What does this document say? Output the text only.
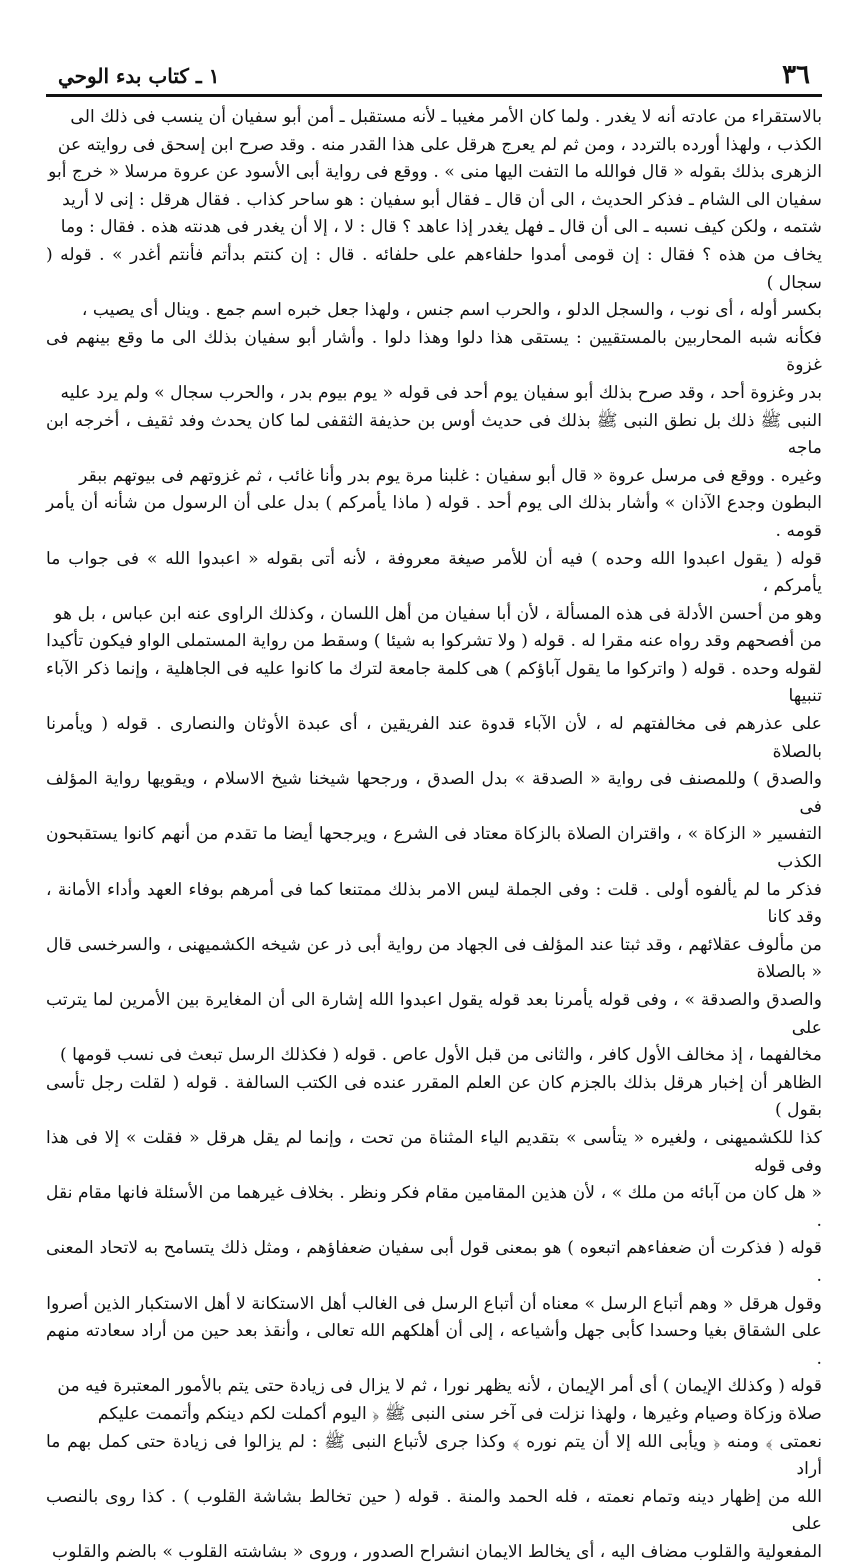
٣٦
١ ـ كتاب بدء الوحي

بالاستقراء من عادته أنه لا يغدر . ولما كان الأمر مغيبا ـ لأنه مستقبل ـ أمن أبو سفيان أن ينسب فى ذلك الى

الكذب ، ولهذا أورده بالتردد ، ومن ثم لم يعرج هرقل على هذا القدر منه . وقد صرح ابن إسحق فى روايته عن

الزهرى بذلك بقوله « قال فوالله ما التفت اليها منى » . ووقع فى رواية أبى الأسود عن عروة مرسلا « خرج أبو

سفيان الى الشام ـ فذكر الحديث ، الى أن قال ـ فقال أبو سفيان : هو ساحر كذاب . فقال هرقل : إنى لا أريد

شتمه ، ولكن كيف نسبه ـ الى أن قال ـ فهل يغدر إذا عاهد ؟ قال : لا ، إلا أن يغدر فى هدنته هذه . فقال : وما

يخاف من هذه ؟ فقال : إن قومى أمدوا حلفاءهم على حلفائه . قال : إن كنتم بدأتم فأنتم أغدر » . قوله ( سجال )

بكسر أوله ، أى نوب ، والسجل الدلو ، والحرب اسم جنس ، ولهذا جعل خبره اسم جمع . وينال أى يصيب ،

فكأنه شبه المحاربين بالمستقيين : يستقى هذا دلوا وهذا دلوا . وأشار أبو سفيان بذلك الى ما وقع بينهم فى غزوة

بدر وغزوة أحد ، وقد صرح بذلك أبو سفيان يوم أحد فى قوله « يوم بيوم بدر ، والحرب سجال » ولم يرد عليه

النبى ﷺ ذلك بل نطق النبى ﷺ بذلك فى حديث أوس بن حذيفة الثقفى لما كان يحدث وفد ثقيف ، أخرجه ابن ماجه

وغيره . ووقع فى مرسل عروة « قال أبو سفيان : غلبنا مرة يوم بدر وأنا غائب ، ثم غزوتهم فى بيوتهم ببقر

البطون وجدع الآذان » وأشار بذلك الى يوم أحد . قوله ( ماذا يأمركم ) بدل على أن الرسول من شأنه أن يأمر قومه .

قوله ( يقول اعبدوا الله وحده ) فيه أن للأمر صيغة معروفة ، لأنه أتى بقوله « اعبدوا الله » فى جواب ما يأمركم ،

وهو من أحسن الأدلة فى هذه المسألة ، لأن أبا سفيان من أهل اللسان ، وكذلك الراوى عنه ابن عباس ، بل هو

من أفصحهم وقد رواه عنه مقرا له . قوله ( ولا تشركوا به شيئا ) وسقط من رواية المستملى الواو فيكون تأكيدا

لقوله وحده . قوله ( واتركوا ما يقول آباؤكم ) هى كلمة جامعة لترك ما كانوا عليه فى الجاهلية ، وإنما ذكر الآباء تنبيها

على عذرهم فى مخالفتهم له ، لأن الآباء قدوة عند الفريقين ، أى عبدة الأوثان والنصارى . قوله ( ويأمرنا بالصلاة

والصدق ) وللمصنف فى رواية « الصدقة » بدل الصدق ، ورجحها شيخنا شيخ الاسلام ، ويقويها رواية المؤلف فى

التفسير « الزكاة » ، واقتران الصلاة بالزكاة معتاد فى الشرع ، ويرجحها أيضا ما تقدم من أنهم كانوا يستقبحون الكذب

فذكر ما لم يألفوه أولى . قلت : وفى الجملة ليس الامر بذلك ممتنعا كما فى أمرهم بوفاء العهد وأداء الأمانة ، وقد كانا

من مألوف عقلائهم ، وقد ثبتا عند المؤلف فى الجهاد من رواية أبى ذر عن شيخه الكشميهنى ، والسرخسى قال « بالصلاة

والصدق والصدقة » ، وفى قوله يأمرنا بعد قوله يقول اعبدوا الله إشارة الى أن المغايرة بين الأمرين لما يترتب على

مخالفهما ، إذ مخالف الأول كافر ، والثانى من قبل الأول عاص . قوله ( فكذلك الرسل تبعث فى نسب قومها )

الظاهر أن إخبار هرقل بذلك بالجزم كان عن العلم المقرر عنده فى الكتب السالفة . قوله ( لقلت رجل تأسى بقول )

كذا للكشميهنى ، ولغيره « يتأسى » بتقديم الياء المثناة من تحت ، وإنما لم يقل هرقل « فقلت » إلا فى هذا وفى قوله

« هل كان من آبائه من ملك » ، لأن هذين المقامين مقام فكر ونظر . بخلاف غيرهما من الأسئلة فانها مقام نقل .

قوله ( فذكرت أن ضعفاءهم اتبعوه ) هو بمعنى قول أبى سفيان ضعفاؤهم ، ومثل ذلك يتسامح به لاتحاد المعنى .

وقول هرقل « وهم أتباع الرسل » معناه أن أتباع الرسل فى الغالب أهل الاستكانة لا أهل الاستكبار الذين أصروا

على الشقاق بغيا وحسدا كأبى جهل وأشياعه ، إلى أن أهلكهم الله تعالى ، وأنقذ بعد حين من أراد سعادته منهم .

قوله ( وكذلك الإيمان ) أى أمر الإيمان ، لأنه يظهر نورا ، ثم لا يزال فى زيادة حتى يتم بالأمور المعتبرة فيه من

صلاة وزكاة وصيام وغيرها ، ولهذا نزلت فى آخر سنى النبى ﷺ ﴿ اليوم أكملت لكم دينكم وأتممت عليكم

نعمتى ﴾ ومنه ﴿ ويأبى الله إلا أن يتم نوره ﴾ وكذا جرى لأتباع النبى ﷺ : لم يزالوا فى زيادة حتى كمل بهم ما أراد

الله من إظهار دينه وتمام نعمته ، فله الحمد والمنة . قوله ( حين تخالط بشاشة القلوب ) . كذا روى بالنصب على

المفعولية والقلوب مضاف اليه ، أى يخالط الايمان انشراح الصدور ، وروى « بشاشته القلوب » بالضم والقلوب
